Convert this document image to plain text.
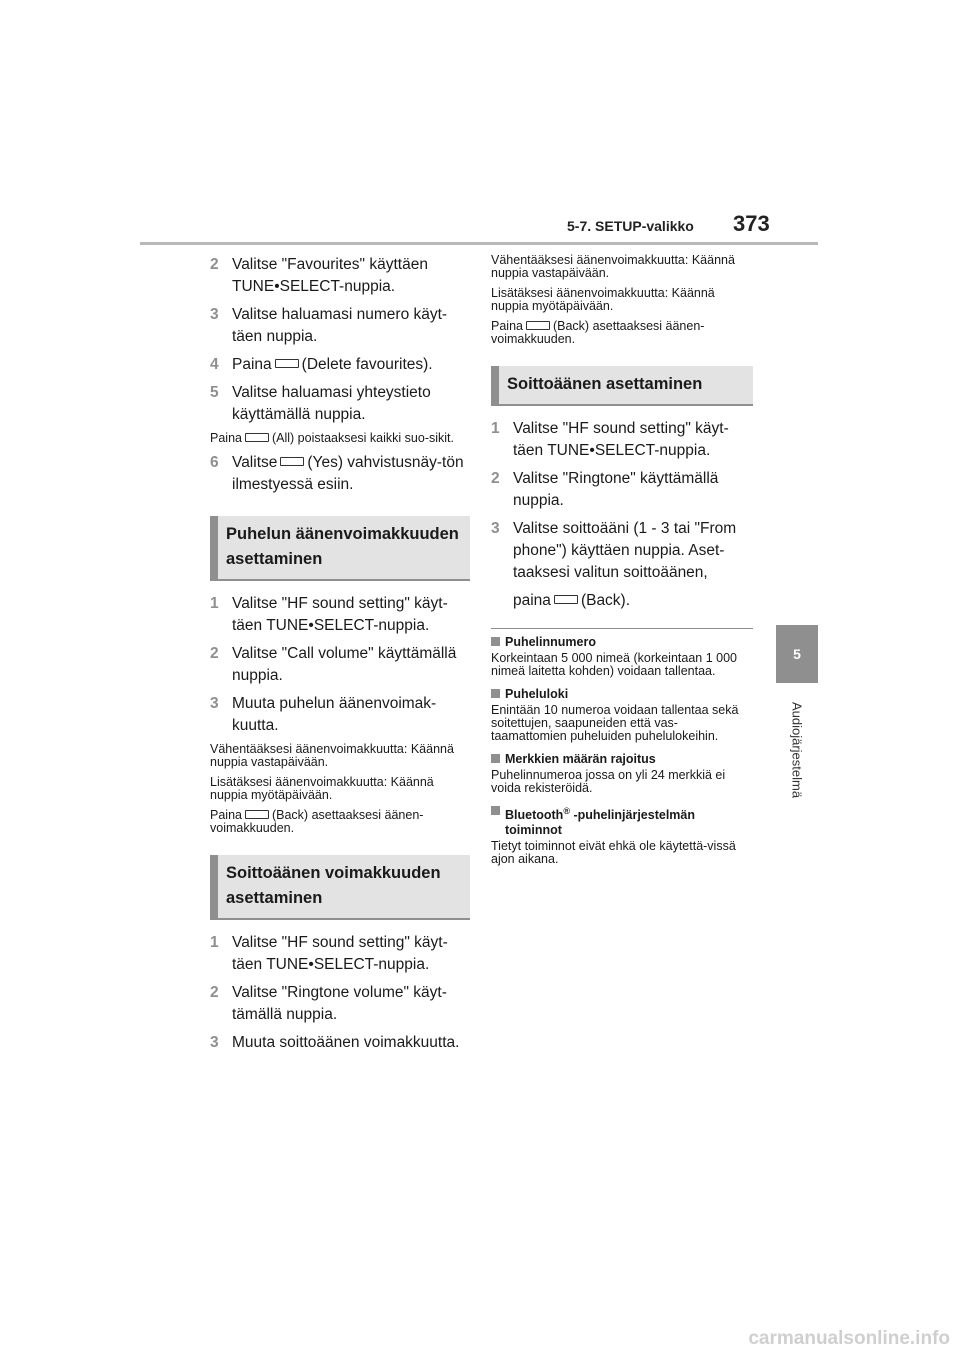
5-7. SETUP-valikko 373
5
Audiojärjestelmä
2 Valitse "Favourites" käyttäen TUNE•SELECT-nuppia.
3 Valitse haluamasi numero käyt-täen nuppia.
4 Paina (Delete favourites).
5 Valitse haluamasi yhteystieto käyttämällä nuppia.

Paina (All) poistaaksesi kaikki suo-sikit.

6 Valitse (Yes) vahvistusnäy-tön ilmestyessä esiin.
Puhelun äänenvoimakkuuden asettaminen
1 Valitse "HF sound setting" käyt-täen TUNE•SELECT-nuppia.
2 Valitse "Call volume" käyttämällä nuppia.
3 Muuta puhelun äänenvoimak-kuutta.

Vähentääksesi äänenvoimakkuutta: Käännä nuppia vastapäivään.

Lisätäksesi äänenvoimakkuutta: Käännä nuppia myötäpäivään.

Paina (Back) asettaaksesi äänen-voimakkuuden.

Soittoäänen voimakkuuden asettaminen
1 Valitse "HF sound setting" käyt-täen TUNE•SELECT-nuppia.
2 Valitse "Ringtone volume" käyt-tämällä nuppia.
3 Muuta soittoäänen voimakkuutta.

Vähentääksesi äänenvoimakkuutta: Käännä nuppia vastapäivään.

Lisätäksesi äänenvoimakkuutta: Käännä nuppia myötäpäivään.

Paina (Back) asettaaksesi äänen-voimakkuuden.

Soittoäänen asettaminen
1 Valitse "HF sound setting" käyt-täen TUNE•SELECT-nuppia.
2 Valitse "Ringtone" käyttämällä nuppia.
3 Valitse soittoääni (1 - 3 tai "From phone") käyttäen nuppia. Aset-taaksesi valitun soittoäänen,
paina (Back).
Puhelinnumero

Korkeintaan 5 000 nimeä (korkeintaan 1 000 nimeä laitetta kohden) voidaan tallentaa.

Puheluloki

Enintään 10 numeroa voidaan tallentaa sekä soitettujen, saapuneiden että vas-taamattomien puheluiden puhelulokeihin.

Merkkien määrän rajoitus

Puhelinnumeroa jossa on yli 24 merkkiä ei voida rekisteröidä.

Bluetooth® -puhelinjärjestelmän toiminnot

Tietyt toiminnot eivät ehkä ole käytettä-vissä ajon aikana.

carmanualsonline.info
